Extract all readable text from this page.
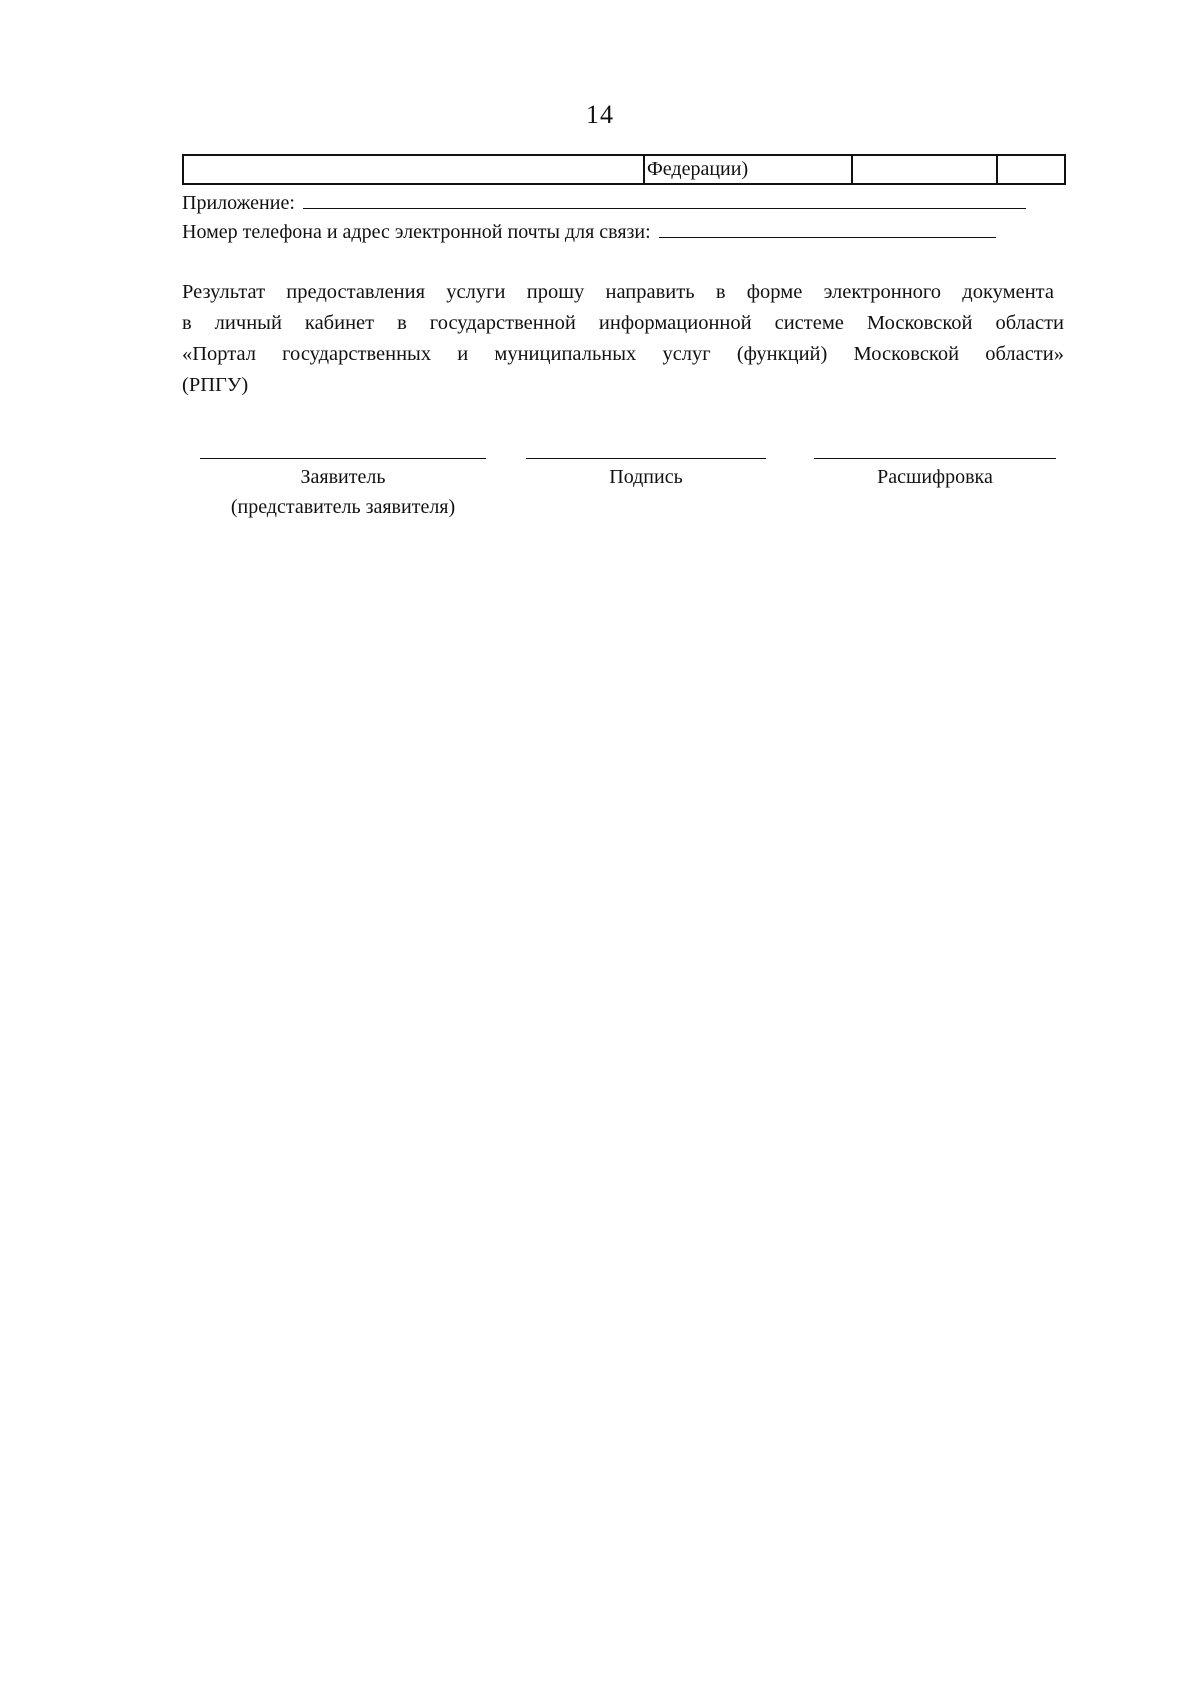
14
	Федерации)		
Приложение:
Номер телефона и адрес электронной почты для связи:
Результат предоставления услуги прошу направить в форме электронного документа
в личный кабинет в государственной информационной системе Московской области
«Портал государственных и муниципальных услуг (функций) Московской области»
(РПГУ)
Заявитель
(представитель заявителя)
Подпись	Расшифровка
